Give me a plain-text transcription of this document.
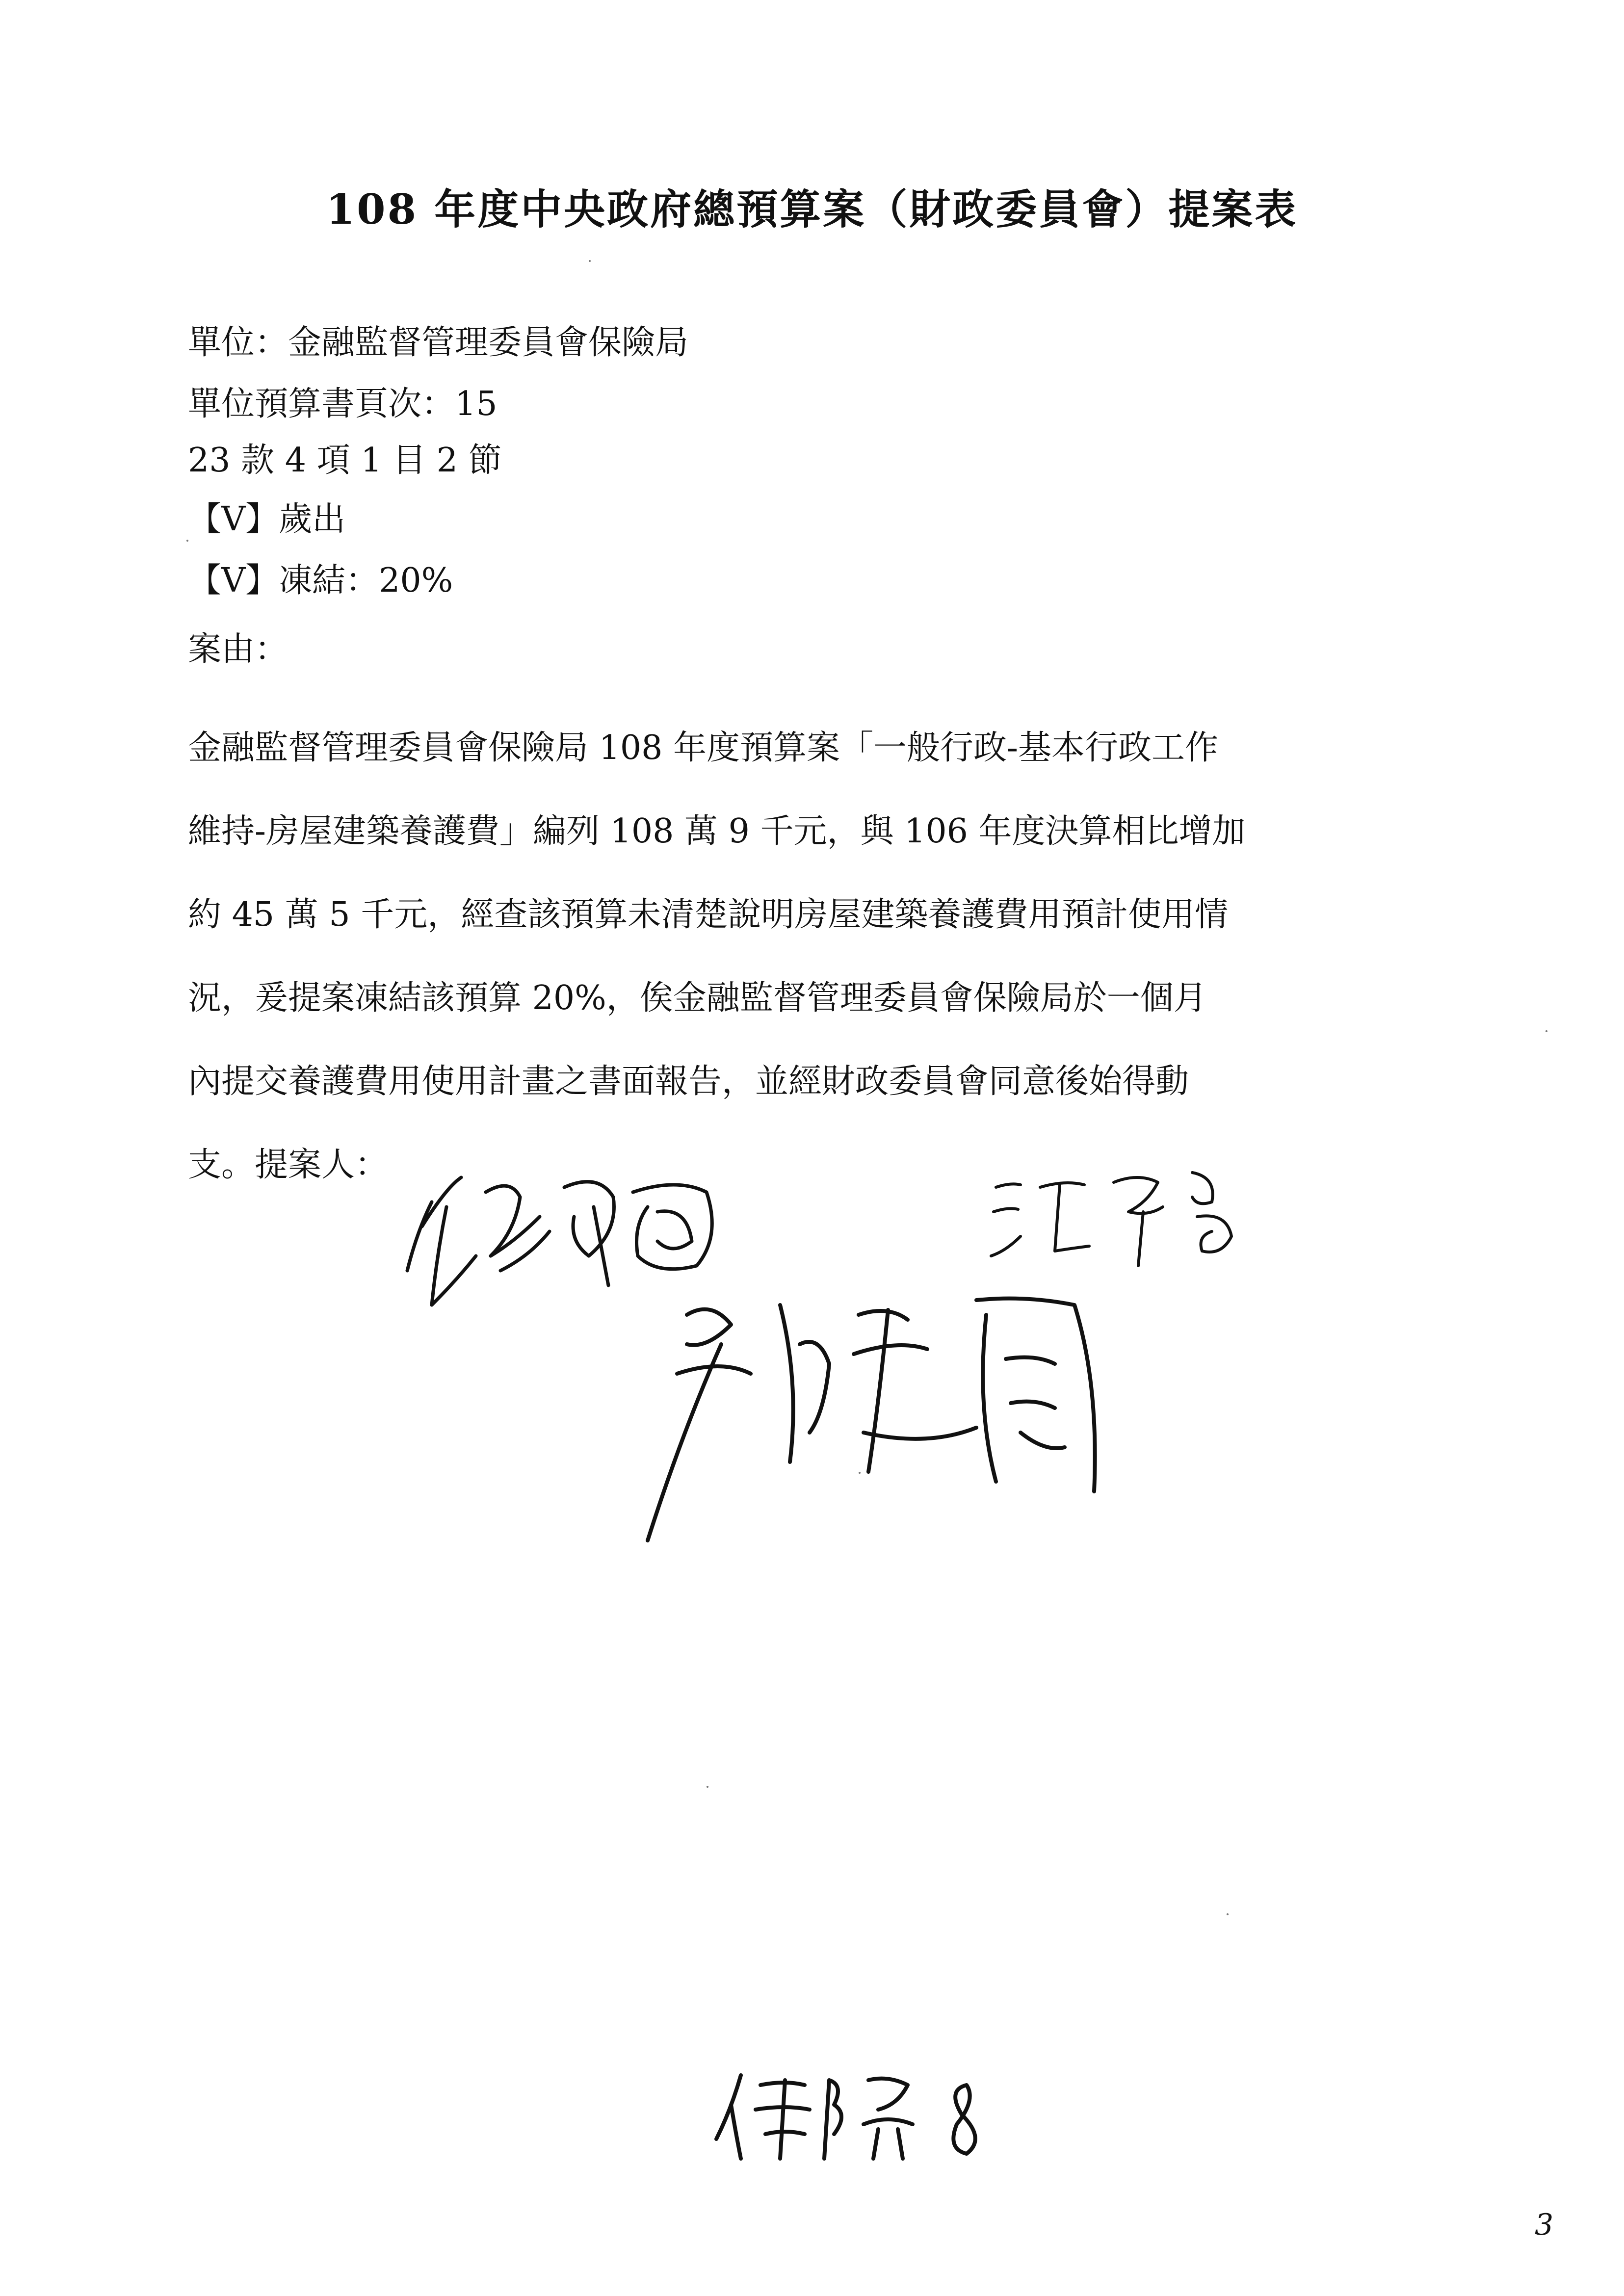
108 年度中央政府總預算案（財政委員會）提案表
單位：金融監督管理委員會保險局
單位預算書頁次：15
23 款 4 項 1 目 2 節
【V】歲出
【V】凍結：20%
案由：
金融監督管理委員會保險局 108 年度預算案「一般行政-基本行政工作
維持-房屋建築養護費」編列 108 萬 9 千元，與 106 年度決算相比增加
約 45 萬 5 千元，經查該預算未清楚說明房屋建築養護費用預計使用情
況，爰提案凍結該預算 20%，俟金融監督管理委員會保險局於一個月
內提交養護費用使用計畫之書面報告，並經財政委員會同意後始得動
支。提案人：
3
